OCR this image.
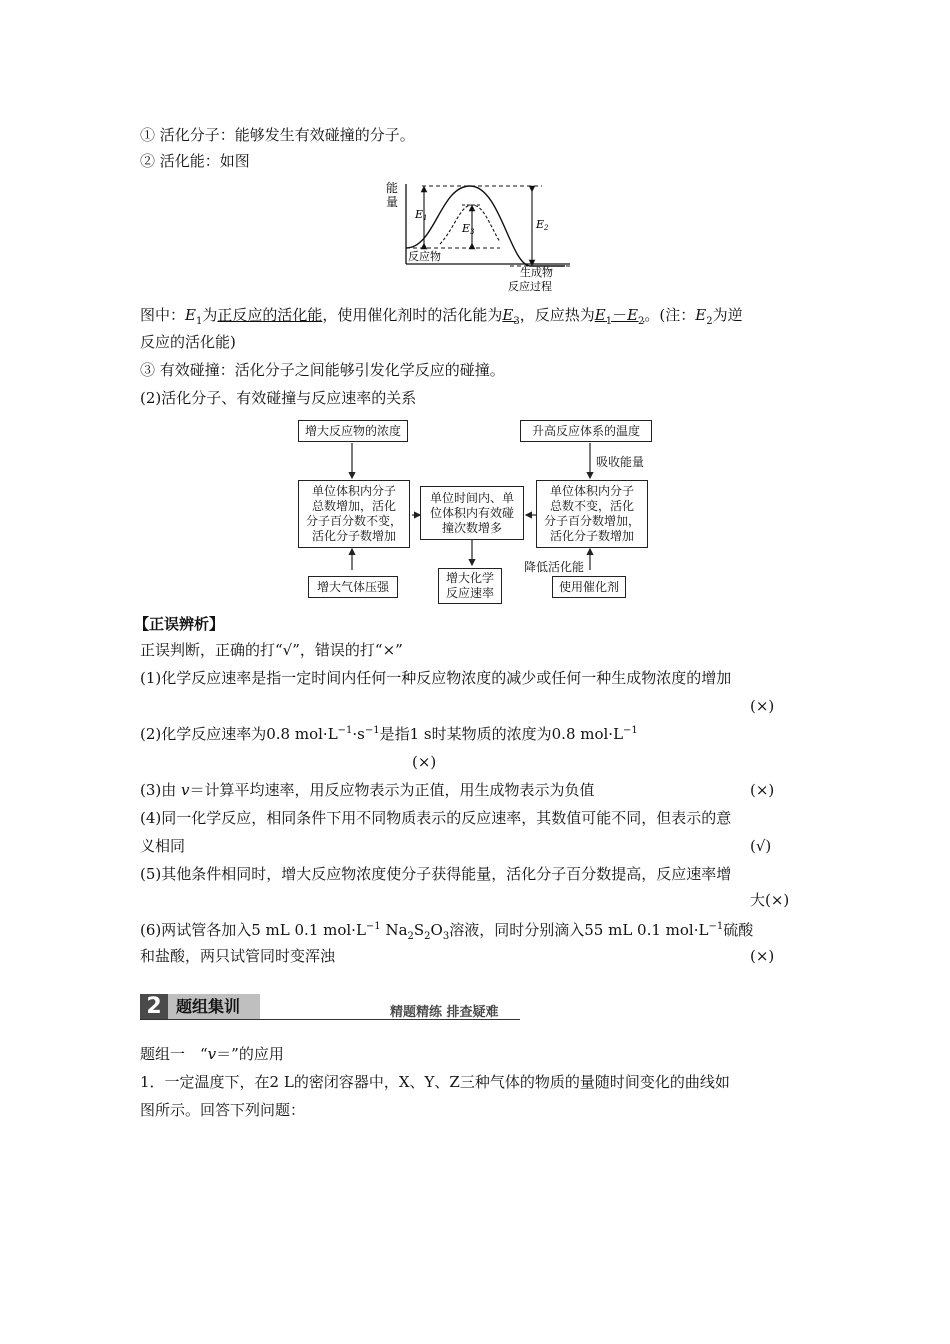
① 活化分子：能够发生有效碰撞的分子。
② 活化能：如图
能
量
E1
E3
E2
反应物
生成物
反应过程
图中：$E_1$为正反应的活化能，使用催化剂时的活化能为$E_3$，反应热为$E_1-E_2$。(注：$E_2$为逆
反应的活化能)
③ 有效碰撞：活化分子之间能够引发化学反应的碰撞。
(2)活化分子、有效碰撞与反应速率的关系
增大反应物的浓度	升高反应体系的温度
吸收能量
单位体积内分子
总数增加，活化
分子百分数不变，
活化分子数增加
单位时间内、单
位体积内有效碰
撞次数增多
单位体积内分子
总数不变，活化
分子百分数增加，
活化分子数增加
降低活化能
增大气体压强
增大化学
反应速率	使用催化剂
【正误辨析】
正误判断，正确的打“√”，错误的打“×”
(1)化学反应速率是指一定时间内任何一种反应物浓度的减少或任何一种生成物浓度的增加
(×)
(2)化学反应速率为0.8 $mol\cdot L^{-1}\cdot s^{-1}$是指1 s时某物质的浓度为0.8 $mol\cdot L^{-1}$
(×)
(3)由 v＝计算平均速率，用反应物表示为正值，用生成物表示为负值	(×)
(4)同一化学反应，相同条件下用不同物质表示的反应速率，其数值可能不同，但表示的意
义相同	(√)
(5)其他条件相同时，增大反应物浓度使分子获得能量，活化分子百分数提高，反应速率增
大(×)
(6)两试管各加入5 mL 0.1 $mol\cdot L^{-1}$ $Na_2S_2O_3$溶液，同时分别滴入55 mL 0.1 $mol\cdot L^{-1}$硫酸
和盐酸，两只试管同时变浑浊	(×)
2 题组集训	精题精练 排查疑难
题组一　“v＝”的应用
1．一定温度下，在2 L的密闭容器中，X、Y、Z三种气体的物质的量随时间变化的曲线如
图所示。回答下列问题：
